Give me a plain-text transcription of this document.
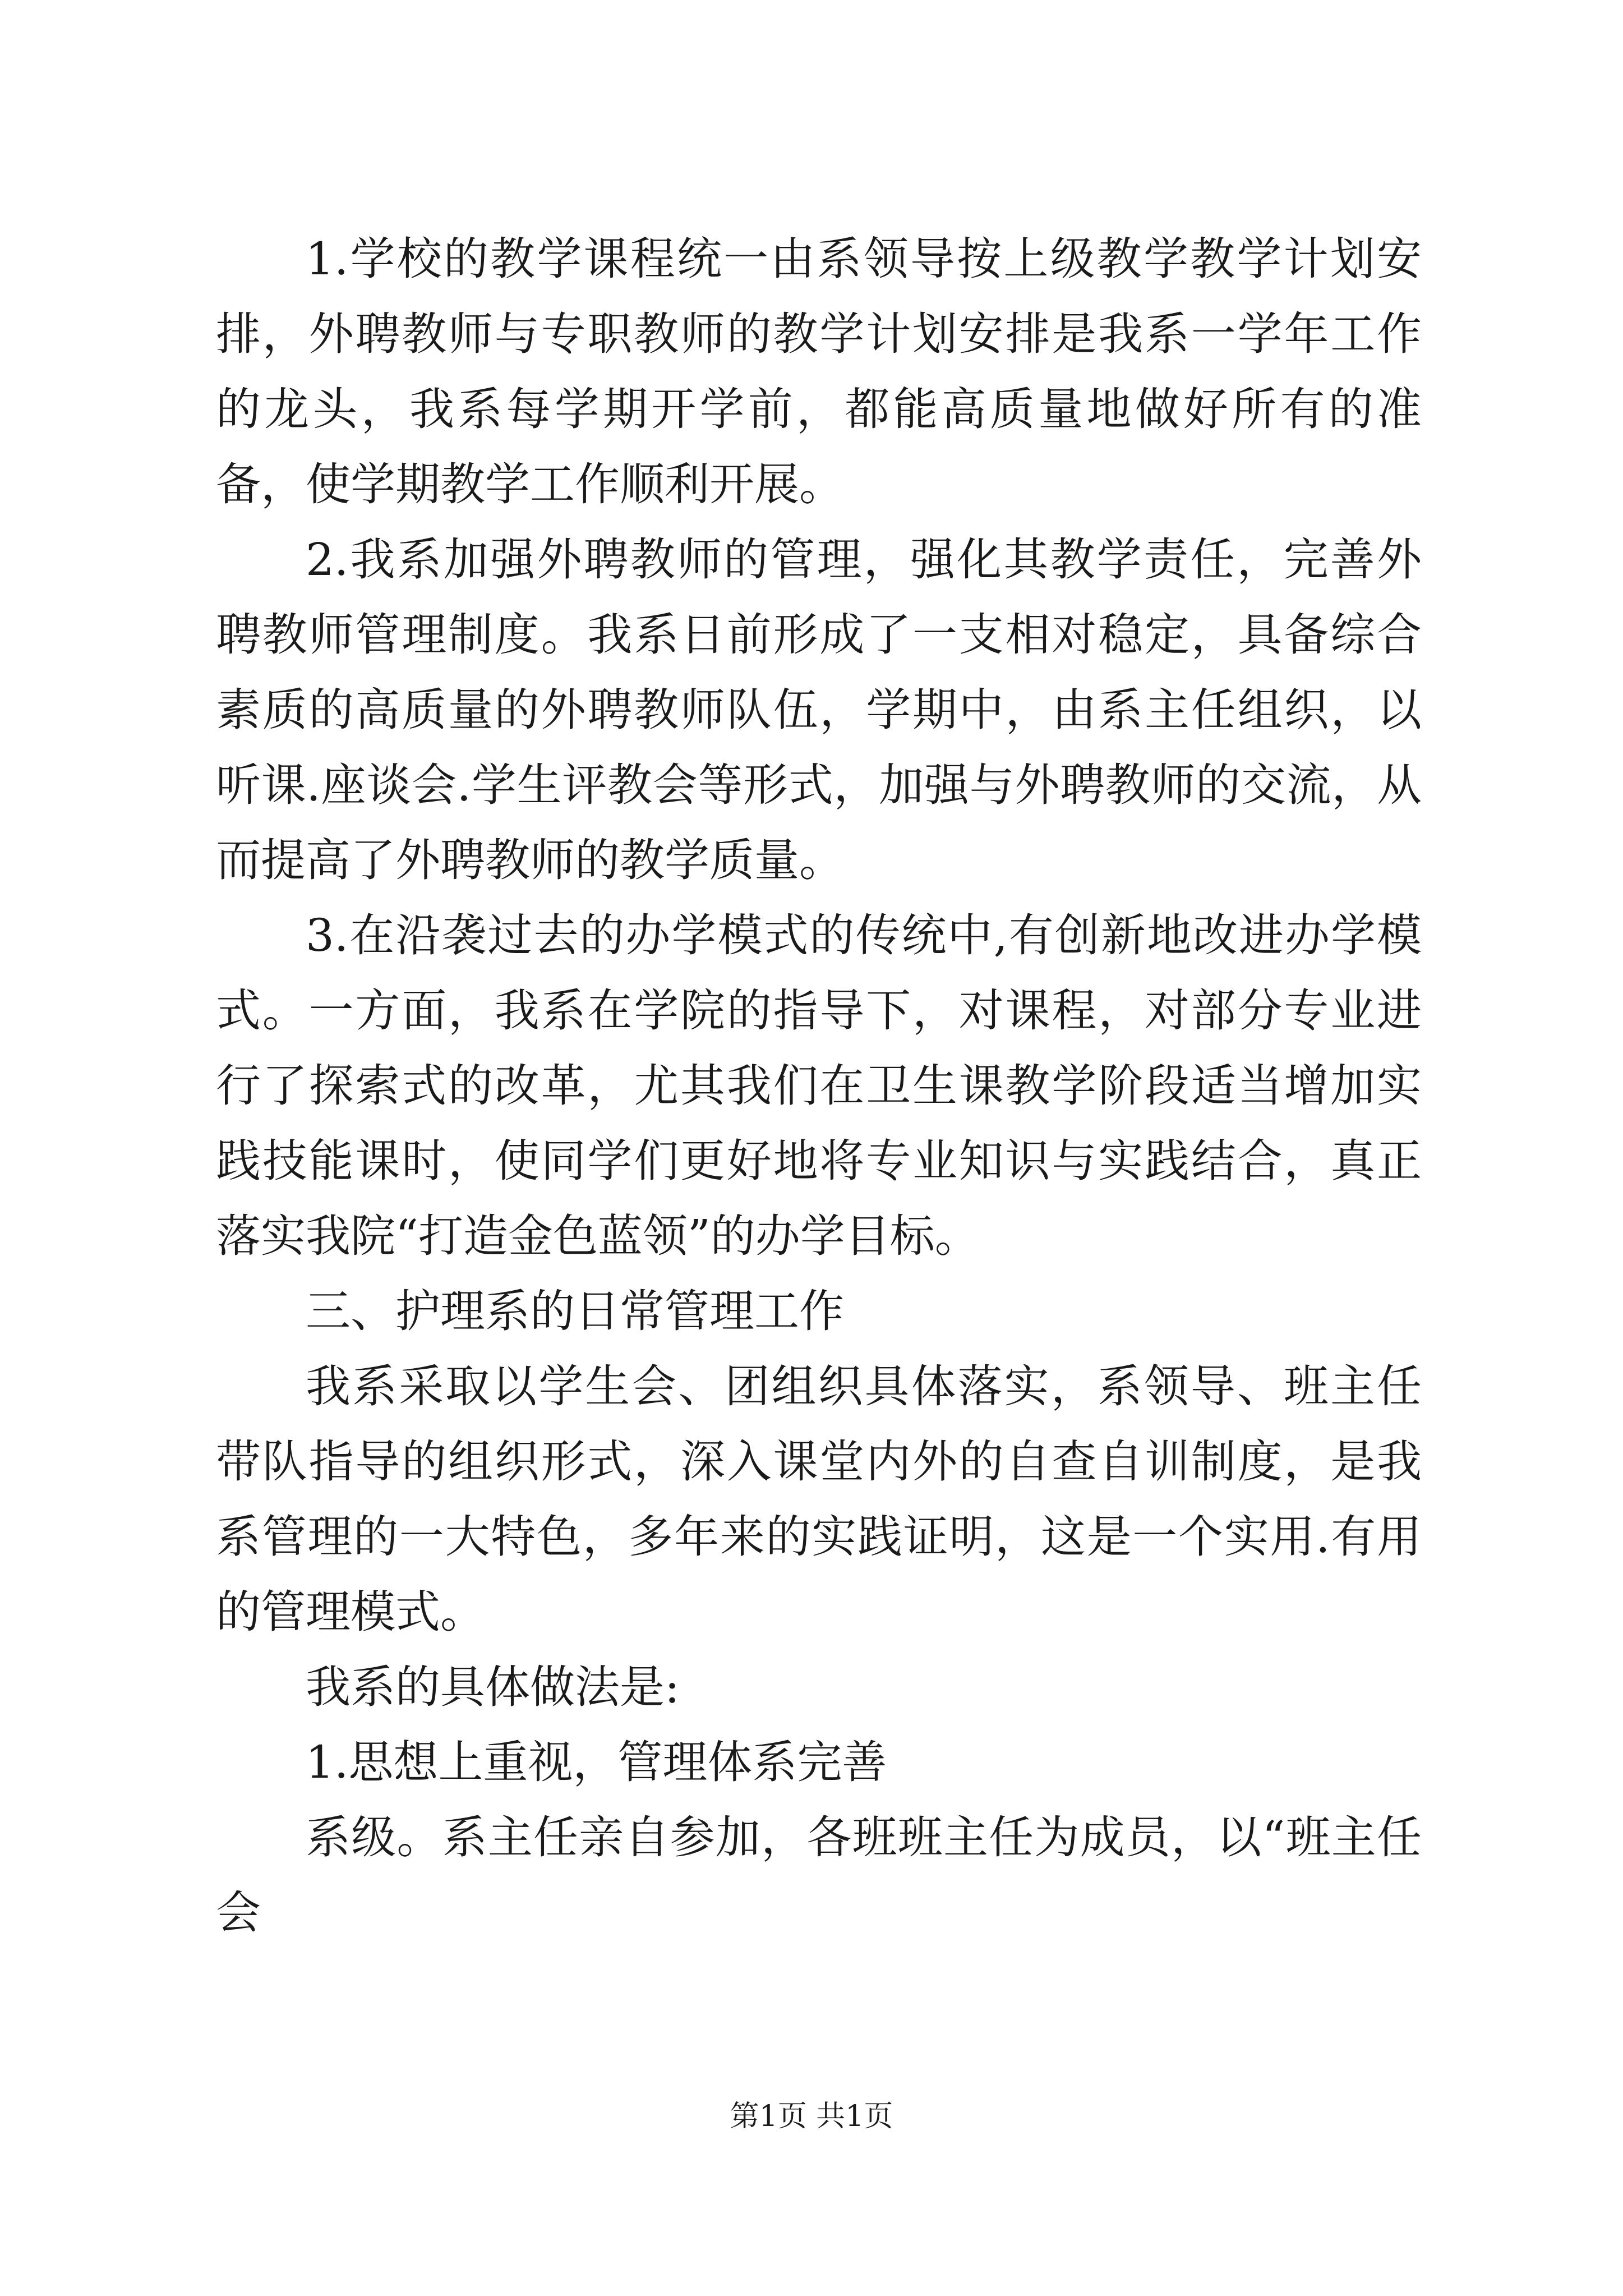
1.学校的教学课程统一由系领导按上级教学教学计划安排，外聘教师与专职教师的教学计划安排是我系一学年工作的龙头，我系每学期开学前，都能高质量地做好所有的准备，使学期教学工作顺利开展。

2.我系加强外聘教师的管理，强化其教学责任，完善外聘教师管理制度。我系日前形成了一支相对稳定，具备综合素质的高质量的外聘教师队伍，学期中，由系主任组织，以听课.座谈会.学生评教会等形式，加强与外聘教师的交流，从而提高了外聘教师的教学质量。

3.在沿袭过去的办学模式的传统中,有创新地改进办学模式。一方面，我系在学院的指导下，对课程，对部分专业进行了探索式的改革，尤其我们在卫生课教学阶段适当增加实践技能课时，使同学们更好地将专业知识与实践结合，真正落实我院“打造金色蓝领”的办学目标。

三、护理系的日常管理工作

我系采取以学生会、团组织具体落实，系领导、班主任带队指导的组织形式，深入课堂内外的自查自训制度，是我系管理的一大特色，多年来的实践证明，这是一个实用.有用的管理模式。

我系的具体做法是:

1.思想上重视，管理体系完善

系级。系主任亲自参加，各班班主任为成员，以“班主任会

第1页 共1页
